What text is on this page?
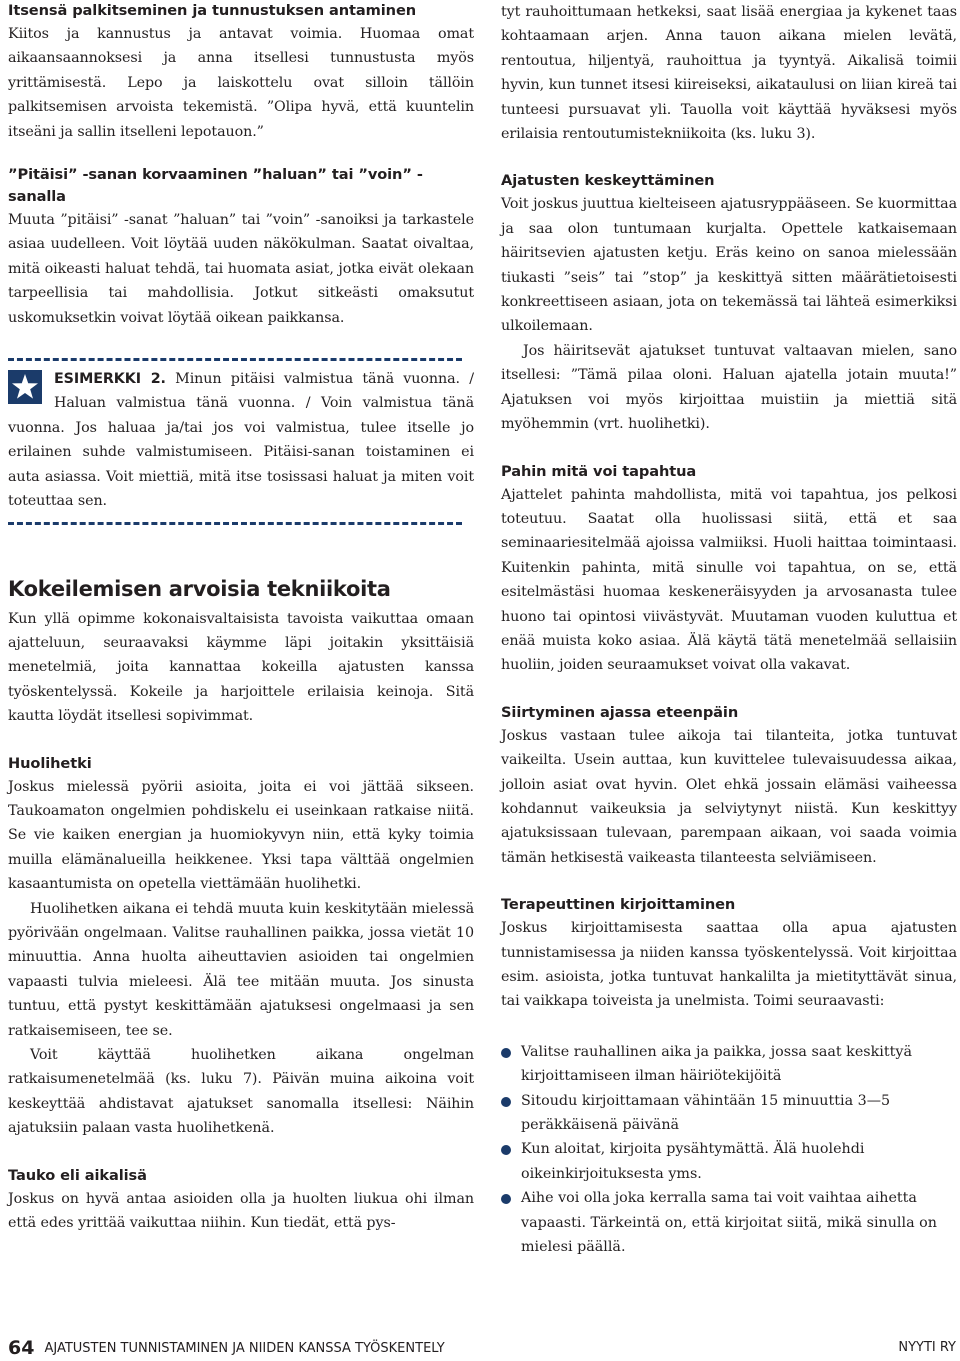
Itsensä palkitseminen ja tunnustuksen antaminen

Kiitos ja kannustus ja antavat voimia. Huomaa omat aikaansaannoksesi ja anna itsellesi tunnustusta myös yrittämisestä. Lepo ja laiskottelu ovat silloin tällöin palkitsemisen arvoista tekemistä. ”Olipa hyvä, että kuuntelin itseäni ja sallin itselleni lepotauon.”

”Pitäisi” -sanan korvaaminen ”haluan” tai ”voin” -sanalla

Muuta ”pitäisi” -sanat ”haluan” tai ”voin” -sanoiksi ja tarkastele asiaa uudelleen. Voit löytää uuden näkökulman. Saatat oivaltaa, mitä oikeasti haluat tehdä, tai huomata asiat, jotka eivät olekaan tarpeellisia tai mahdollisia. Jotkut sitkeästi omaksutut uskomuksetkin voivat löytää oikean paikkansa.

ESIMERKKI 2. Minun pitäisi valmistua tänä vuonna. / Haluan valmistua tänä vuonna. / Voin valmistua tänä vuonna. Jos haluaa ja/tai jos voi valmistua, tulee itselle jo erilainen suhde valmistumiseen. Pitäisi-sanan toistaminen ei auta asiassa. Voit miettiä, mitä itse tosissasi haluat ja miten voit toteuttaa sen.

Kokeilemisen arvoisia tekniikoita

Kun yllä opimme kokonaisvaltaisista tavoista vaikuttaa omaan ajatteluun, seuraavaksi käymme läpi joitakin yksittäisiä menetelmiä, joita kannattaa kokeilla ajatusten kanssa työskentelyssä. Kokeile ja harjoittele erilaisia keinoja. Sitä kautta löydät itsellesi sopivimmat.

Huolihetki

Joskus mielessä pyörii asioita, joita ei voi jättää sikseen. Taukoamaton ongelmien pohdiskelu ei useinkaan ratkaise niitä. Se vie kaiken energian ja huomiokyvyn niin, että kyky toimia muilla elämänalueilla heikkenee. Yksi tapa välttää ongelmien kasaantumista on opetella viettämään huolihetki.

Huolihetken aikana ei tehdä muuta kuin keskitytään mielessä pyörivään ongelmaan. Valitse rauhallinen paikka, jossa vietät 10 minuuttia. Anna huolta aiheuttavien asioiden tai ongelmien vapaasti tulvia mieleesi. Älä tee mitään muuta. Jos sinusta tuntuu, että pystyt keskittämään ajatuksesi ongelmaasi ja sen ratkaisemiseen, tee se.

Voit käyttää huolihetken aikana ongelman ratkaisumenetelmää (ks. luku 7). Päivän muina aikoina voit keskeyttää ahdistavat ajatukset sanomalla itsellesi: Näihin ajatuksiin palaan vasta huolihetkenä.

Tauko eli aikalisä

Joskus on hyvä antaa asioiden olla ja huolten liukua ohi ilman että edes yrittää vaikuttaa niihin. Kun tiedät, että pys-

tyt rauhoittumaan hetkeksi, saat lisää energiaa ja kykenet taas kohtaamaan arjen. Anna tauon aikana mielen levätä, rentoutua, hiljentyä, rauhoittua ja tyyntyä. Aikalisä toimii hyvin, kun tunnet itsesi kiireiseksi, aikataulusi on liian kireä tai tunteesi pursuavat yli. Tauolla voit käyttää hyväksesi myös erilaisia rentoutumistekniikoita (ks. luku 3).

Ajatusten keskeyttäminen

Voit joskus juuttua kielteiseen ajatusryppääseen. Se kuormittaa ja saa olon tuntumaan kurjalta. Opettele katkaisemaan häiritsevien ajatusten ketju. Eräs keino on sanoa mielessään tiukasti ”seis” tai ”stop” ja keskittyä sitten määrätietoisesti konkreettiseen asiaan, jota on tekemässä tai lähteä esimerkiksi ulkoilemaan.

Jos häiritsevät ajatukset tuntuvat valtaavan mielen, sano itsellesi: ”Tämä pilaa oloni. Haluan ajatella jotain muuta!” Ajatuksen voi myös kirjoittaa muistiin ja miettiä sitä myöhemmin (vrt. huolihetki).

Pahin mitä voi tapahtua

Ajattelet pahinta mahdollista, mitä voi tapahtua, jos pelkosi toteutuu. Saatat olla huolissasi siitä, että et saa seminaariesitelmää ajoissa valmiiksi. Huoli haittaa toimintaasi. Kuitenkin pahinta, mitä sinulle voi tapahtua, on se, että esitelmästäsi huomaa keskeneräisyyden ja arvosanasta tulee huono tai opintosi viivästyvät. Muutaman vuoden kuluttua et enää muista koko asiaa. Älä käytä tätä menetelmää sellaisiin huoliin, joiden seuraamukset voivat olla vakavat.

Siirtyminen ajassa eteenpäin

Joskus vastaan tulee aikoja tai tilanteita, jotka tuntuvat vaikeilta. Usein auttaa, kun kuvittelee tulevaisuudessa aikaa, jolloin asiat ovat hyvin. Olet ehkä jossain elämäsi vaiheessa kohdannut vaikeuksia ja selviytynyt niistä. Kun keskittyy ajatuksissaan tulevaan, parempaan aikaan, voi saada voimia tämän hetkisestä vaikeasta tilanteesta selviämiseen.

Terapeuttinen kirjoittaminen

Joskus kirjoittamisesta saattaa olla apua ajatusten tunnistamisessa ja niiden kanssa työskentelyssä. Voit kirjoittaa esim. asioista, jotka tuntuvat hankalilta ja mietityttävät sinua, tai vaikkapa toiveista ja unelmista. Toimi seuraavasti:

Valitse rauhallinen aika ja paikka, jossa saat keskittyä kirjoittamiseen ilman häiriötekijöitä
Sitoudu kirjoittamaan vähintään 15 minuuttia 3—5 peräkkäisenä päivänä
Kun aloitat, kirjoita pysähtymättä. Älä huolehdi oikeinkirjoituksesta yms.
Aihe voi olla joka kerralla sama tai voit vaihtaa aihetta vapaasti. Tärkeintä on, että kirjoitat siitä, mikä sinulla on mielesi päällä.
64 AJATUSTEN TUNNISTAMINEN JA NIIDEN KANSSA TYÖSKENTELY	NYYTI RY
